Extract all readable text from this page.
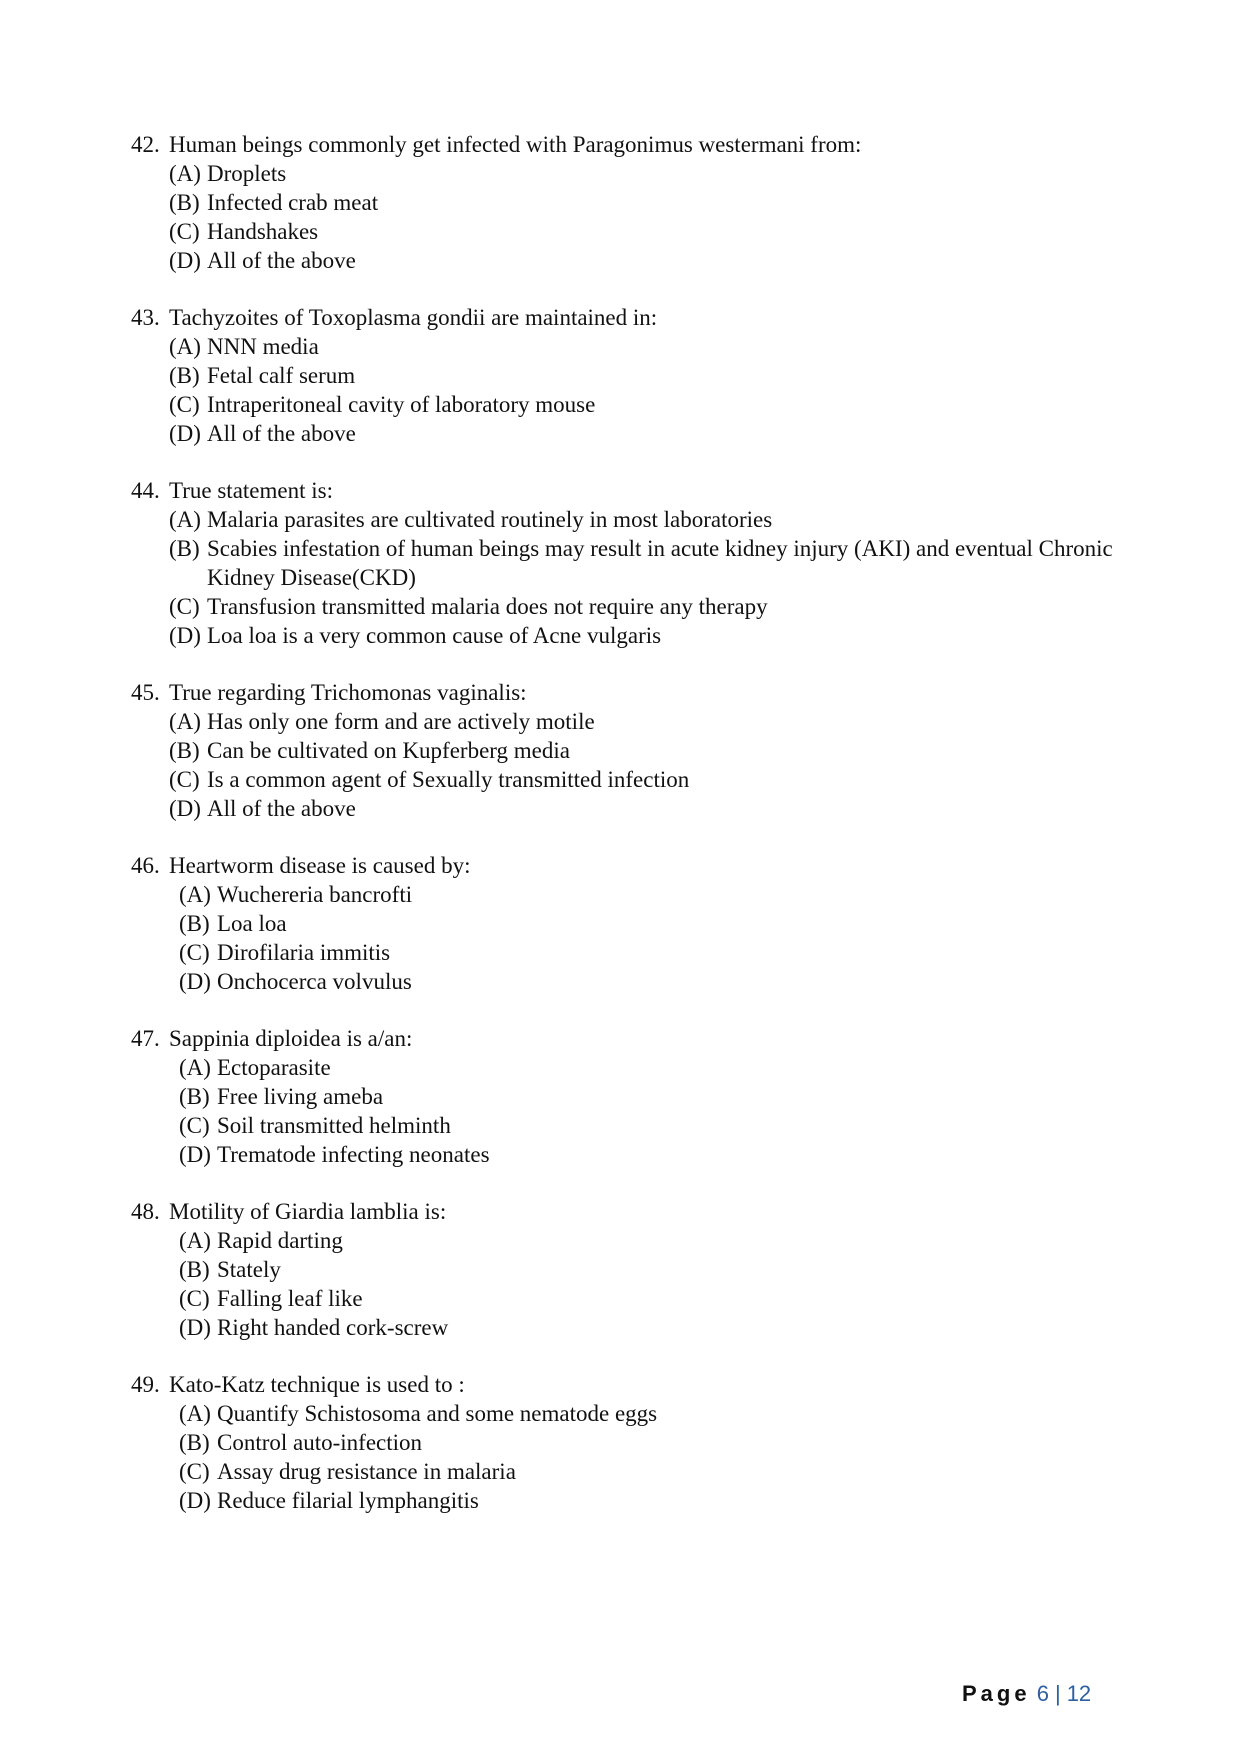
42. Human beings commonly get infected with Paragonimus westermani from:
(A) Droplets
(B) Infected crab meat
(C) Handshakes
(D) All of the above
43. Tachyzoites of Toxoplasma gondii are maintained in:
(A) NNN media
(B) Fetal calf serum
(C) Intraperitoneal cavity of laboratory mouse
(D) All of the above
44. True statement is:
(A) Malaria parasites are cultivated routinely in most laboratories
(B) Scabies infestation of human beings may result in acute kidney injury (AKI) and eventual Chronic Kidney Disease(CKD)
(C) Transfusion transmitted malaria does not require any therapy
(D) Loa loa is a very common cause of Acne vulgaris
45. True regarding Trichomonas vaginalis:
(A) Has only one form and are actively motile
(B) Can be cultivated on Kupferberg media
(C) Is a common agent of Sexually transmitted infection
(D) All of the above
46. Heartworm disease is caused by:
(A) Wuchereria bancrofti
(B) Loa loa
(C) Dirofilaria immitis
(D) Onchocerca volvulus
47. Sappinia diploidea is a/an:
(A) Ectoparasite
(B) Free living ameba
(C) Soil transmitted helminth
(D) Trematode infecting neonates
48. Motility of Giardia lamblia is:
(A) Rapid darting
(B) Stately
(C) Falling leaf like
(D) Right handed cork-screw
49. Kato-Katz technique is used to :
(A) Quantify Schistosoma and some nematode eggs
(B) Control auto-infection
(C) Assay drug resistance in malaria
(D) Reduce filarial lymphangitis
Page 6 | 12
